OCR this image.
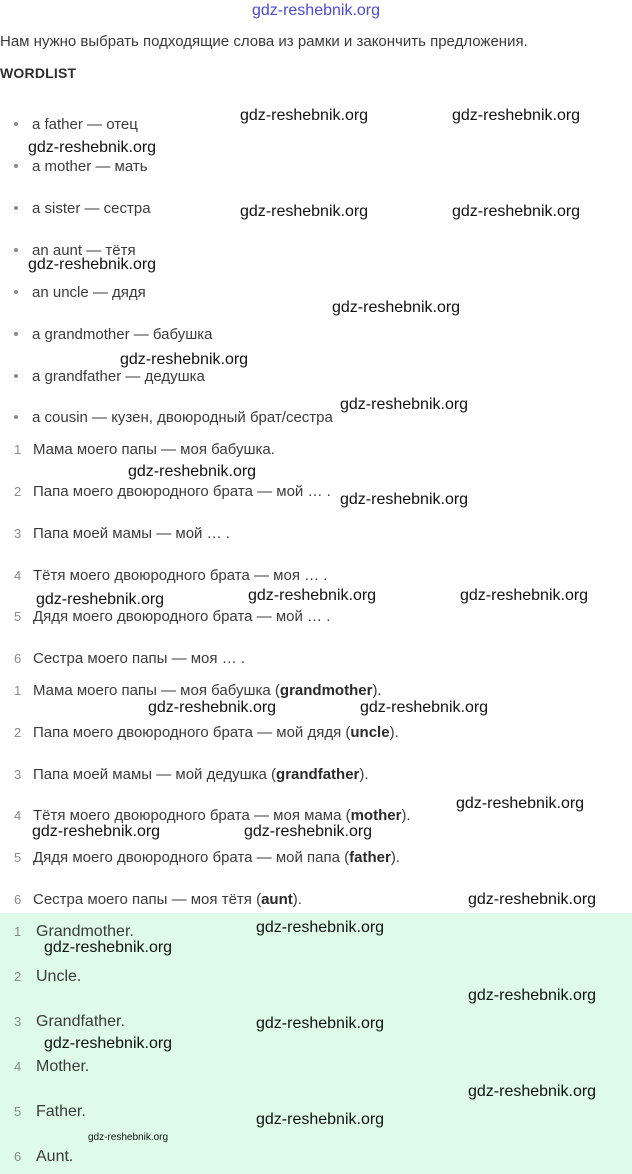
gdz-reshebnik.org
Нам нужно выбрать подходящие слова из рамки и закончить предложения.
WORDLIST
a father — отец
a mother — мать
a sister — сестра
an aunt — тётя
an uncle — дядя
a grandmother — бабушка
a grandfather — дедушка
a cousin — кузен, двоюродный брат/сестра
1 Мама моего папы — моя бабушка.
2 Папа моего двоюродного брата — мой … .
3 Папа моей мамы — мой … .
4 Тётя моего двоюродного брата — моя … .
5 Дядя моего двоюродного брата — мой … .
6 Сестра моего папы — моя … .
1 Мама моего папы — моя бабушка (grandmother).
2 Папа моего двоюродного брата — мой дядя (uncle).
3 Папа моей мамы — мой дедушка (grandfather).
4 Тётя моего двоюродного брата — моя мама (mother).
5 Дядя моего двоюродного брата — мой папа (father).
6 Сестра моего папы — моя тётя (aunt).
1 Grandmother.
2 Uncle.
3 Grandfather.
4 Mother.
5 Father.
6 Aunt.
gdz-reshebnik.org	gdz-reshebnik.org
gdz-reshebnik.org
gdz-reshebnik.org	gdz-reshebnik.org
gdz-reshebnik.org
gdz-reshebnik.org
gdz-reshebnik.org
gdz-reshebnik.org
gdz-reshebnik.org
gdz-reshebnik.org
gdz-reshebnik.org	gdz-reshebnik.org	gdz-reshebnik.org
gdz-reshebnik.org	gdz-reshebnik.org
gdz-reshebnik.org
gdz-reshebnik.org	gdz-reshebnik.org
gdz-reshebnik.org
gdz-reshebnik.org
gdz-reshebnik.org
gdz-reshebnik.org
gdz-reshebnik.org
gdz-reshebnik.org
gdz-reshebnik.org
gdz-reshebnik.org
gdz-reshebnik.org
